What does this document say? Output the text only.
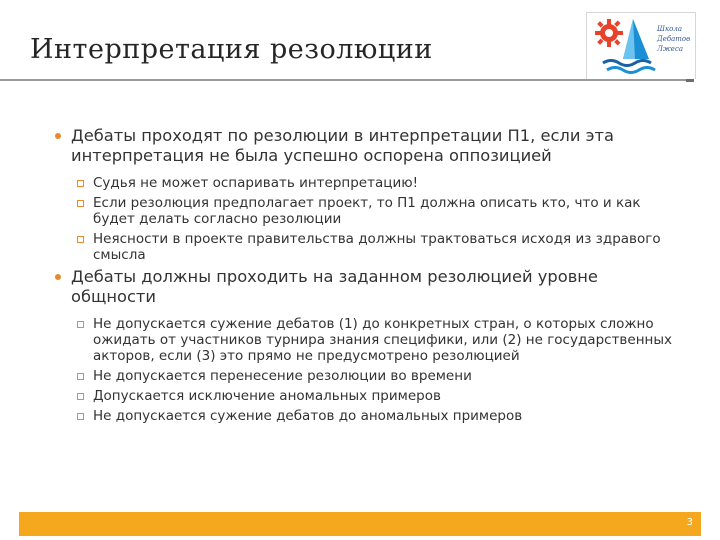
Интерпретация резолюции
Школа
Дебатов
Лжеса
Дебаты проходят по резолюции в интерпретации П1, если эта интерпретация не была успешно оспорена оппозицией
Судья не может оспаривать интерпретацию!
Если резолюция предполагает проект, то П1 должна описать кто, что и как будет делать согласно резолюции
Неясности в проекте правительства должны трактоваться исходя из здравого смысла
Дебаты должны проходить на заданном резолюцией уровне общности
Не допускается сужение дебатов (1) до конкретных стран, о которых сложно ожидать от участников турнира знания специфики, или (2) не государственных акторов, если (3) это прямо не предусмотрено резолюцией
Не допускается перенесение резолюции во времени
Допускается исключение аномальных примеров
Не допускается сужение дебатов до аномальных примеров
3
